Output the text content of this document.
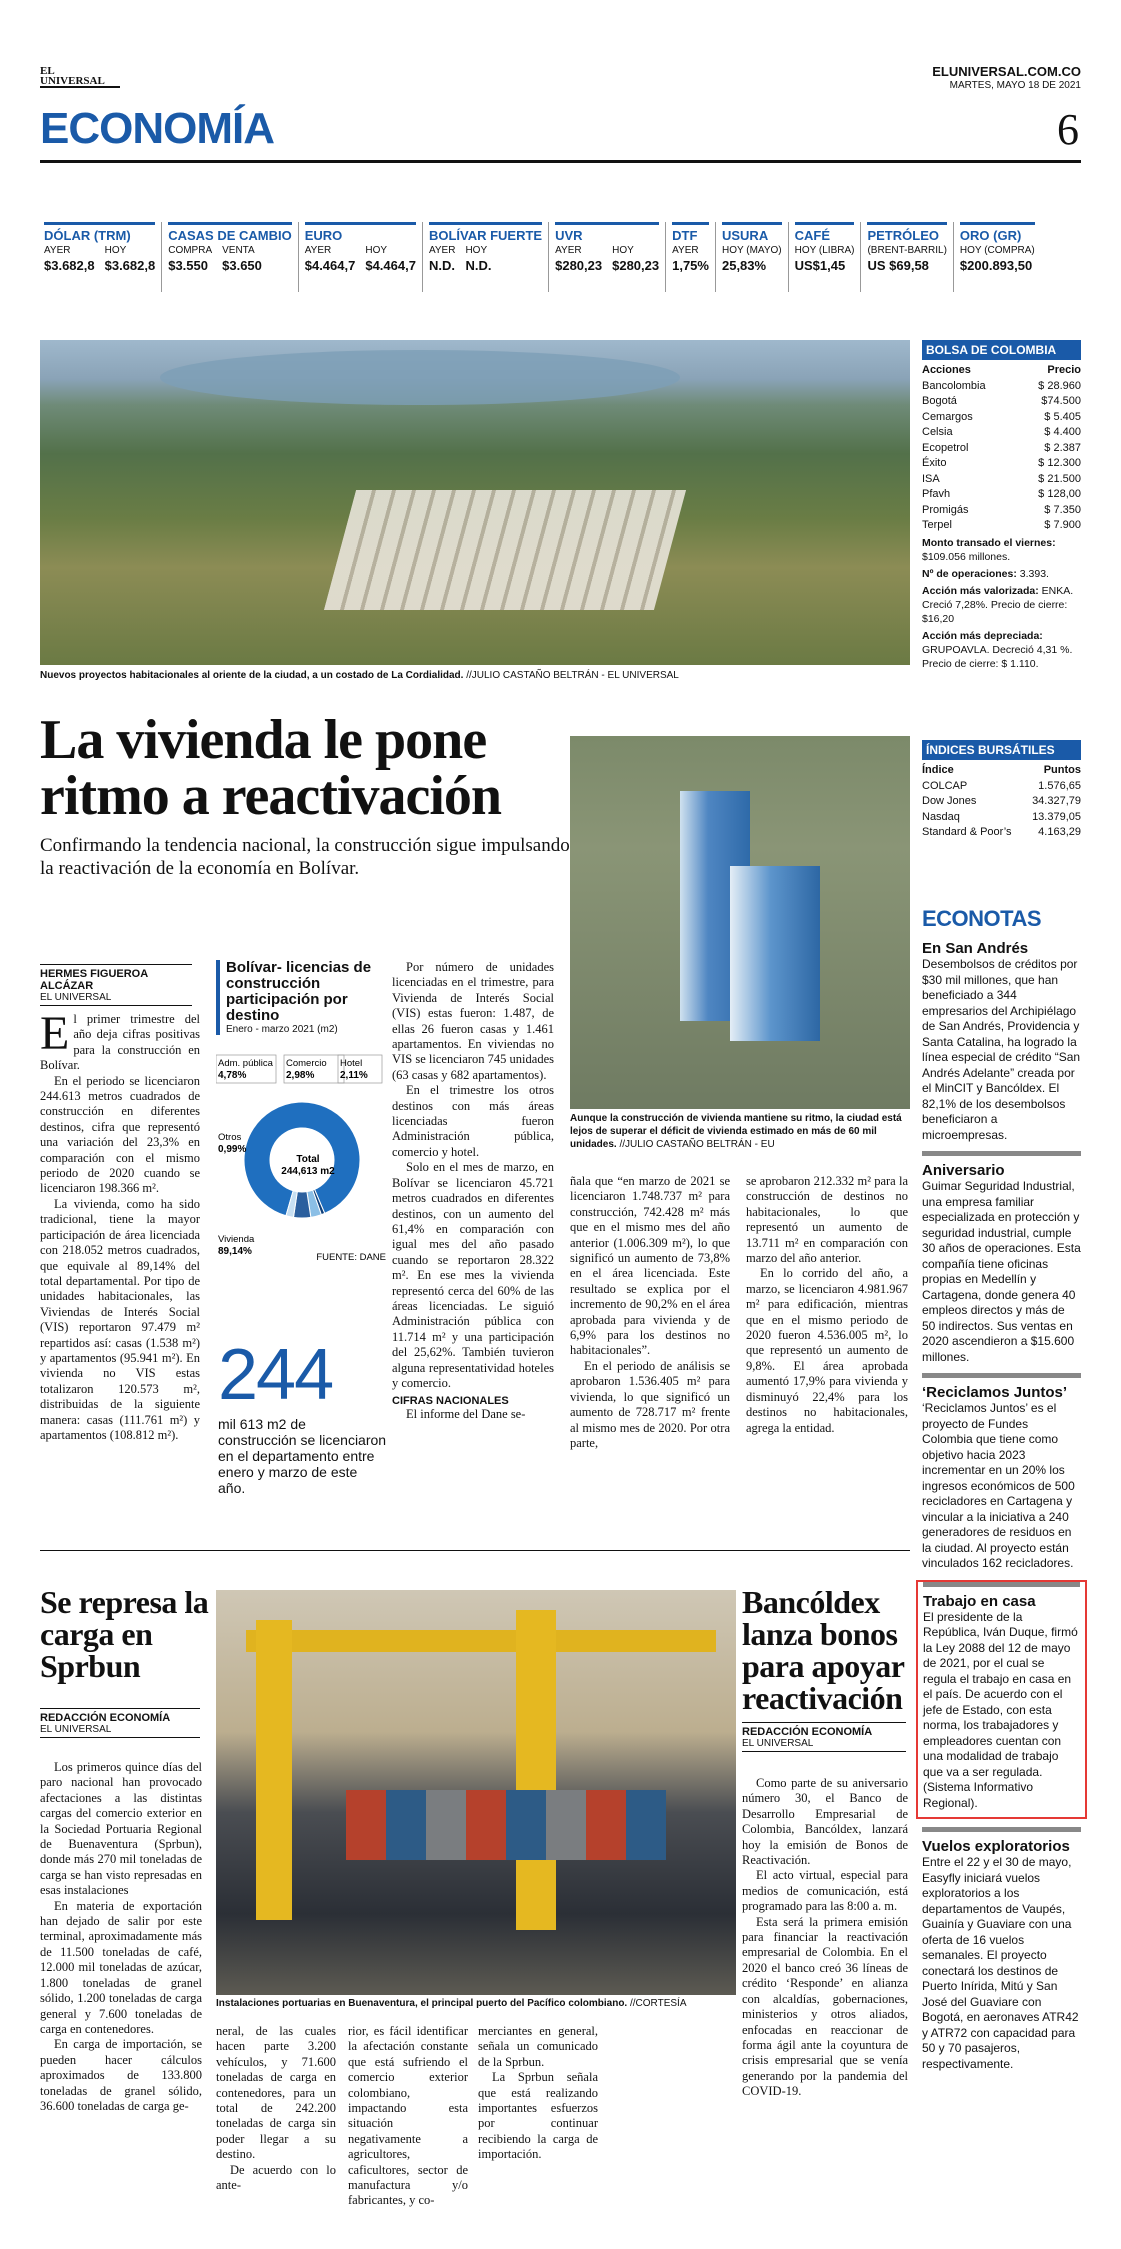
EL UNIVERSAL
ECONOMÍA
ELUNIVERSAL.COM.CO
MARTES, MAYO 18 DE 2021
6
DÓLAR (TRM)
AYER
$3.682,8
HOY
$3.682,8
CASAS DE CAMBIO
COMPRA
$3.550
VENTA
$3.650
EURO
AYER
$4.464,7
HOY
$4.464,7
BOLÍVAR FUERTE
AYER
N.D.
HOY
N.D.
UVR
AYER
$280,23
HOY
$280,23
DTF
AYER
1,75%
USURA
HOY (MAYO)
25,83%
CAFÉ
HOY (LIBRA)
US$1,45
PETRÓLEO
(BRENT-BARRIL)
US $69,58
ORO (GR)
HOY (COMPRA)
$200.893,50
Nuevos proyectos habitacionales al oriente de la ciudad, a un costado de La Cordialidad. //JULIO CASTAÑO BELTRÁN - EL UNIVERSAL
La vivienda le pone ritmo a reactivación
Confirmando la tendencia nacional, la construcción sigue impulsando la reactivación de la economía en Bolívar.
Aunque la construcción de vivienda mantiene su ritmo, la ciudad está lejos de superar el déficit de vivienda estimado en más de 60 mil unidades. //JULIO CASTAÑO BELTRÁN - EU
HERMES FIGUEROA ALCÁZAR
EL UNIVERSAL

El primer trimestre del año deja cifras positivas para la construcción en Bolívar.

En el periodo se licenciaron 244.613 metros cuadrados de construcción en diferentes destinos, cifra que representó una variación del 23,3% en comparación con el mismo periodo de 2020 cuando se licenciaron 198.366 m².

La vivienda, como ha sido tradicional, tiene la mayor participación de área licenciada con 218.052 metros cuadrados, que equivale al 89,14% del total departamental. Por tipo de unidades habitacionales, las Viviendas de Interés Social (VIS) reportaron 97.479 m² repartidos así: casas (1.538 m²) y apartamentos (95.941 m²). En vivienda no VIS estas totalizaron 120.573 m², distribuidas de la siguiente manera: casas (111.761 m²) y apartamentos (108.812 m²).

Bolívar- licencias de construcción participación por destino
Enero - marzo 2021 (m2)
Vivienda
89,14%
Otros
0,99%
Comercio
2,98%
Adm. pública
4,78%
Hotel
2,11%
Total
244,613 m2
FUENTE: DANE
244
mil 613 m2 de construcción se licenciaron en el departamento entre enero y marzo de este año.

Por número de unidades licenciadas en el trimestre, para Vivienda de Interés Social (VIS) estas fueron: 1.487, de ellas 26 fueron casas y 1.461 apartamentos. En viviendas no VIS se licenciaron 745 unidades (63 casas y 682 apartamentos).

En el trimestre los otros destinos con más áreas licenciadas fueron Administración pública, comercio y hotel.

Solo en el mes de marzo, en Bolívar se licenciaron 45.721 metros cuadrados en diferentes destinos, con un aumento del 61,4% en comparación con igual mes del año pasado cuando se reportaron 28.322 m². En ese mes la vivienda representó cerca del 60% de las áreas licenciadas. Le siguió Administración pública con 11.714 m² y una participación del 25,62%. También tuvieron alguna representatividad hoteles y comercio.

CIFRAS NACIONALES

El informe del Dane se-

ñala que “en marzo de 2021 se licenciaron 1.748.737 m² para construcción, 742.428 m² más que en el mismo mes del año anterior (1.006.309 m²), lo que significó un aumento de 73,8% en el área licenciada. Este resultado se explica por el incremento de 90,2% en el área aprobada para vivienda y de 6,9% para los destinos no habitacionales”.

En el periodo de análisis se aprobaron 1.536.405 m² para vivienda, lo que significó un aumento de 728.717 m² frente al mismo mes de 2020. Por otra parte,

se aprobaron 212.332 m² para la construcción de destinos no habitacionales, lo que representó un aumento de 13.711 m² en comparación con marzo del año anterior.

En lo corrido del año, a marzo, se licenciaron 4.981.967 m² para edificación, mientras que en el mismo periodo de 2020 fueron 4.536.005 m², lo que representó un aumento de 9,8%. El área aprobada aumentó 17,9% para vivienda y disminuyó 22,4% para los destinos no habitacionales, agrega la entidad.

Se represa la carga en Sprbun
REDACCIÓN ECONOMÍA
EL UNIVERSAL

Los primeros quince días del paro nacional han provocado afectaciones a las distintas cargas del comercio exterior en la Sociedad Portuaria Regional de Buenaventura (Sprbun), donde más 270 mil toneladas de carga se han visto represadas en esas instalaciones

En materia de exportación han dejado de salir por este terminal, aproximadamente más de 11.500 toneladas de café, 12.000 mil toneladas de azúcar, 1.800 toneladas de granel sólido, 1.200 toneladas de carga general y 7.600 toneladas de carga en contenedores.

En carga de importación, se pueden hacer cálculos aproximados de 133.800 toneladas de granel sólido, 36.600 toneladas de carga ge-

Instalaciones portuarias en Buenaventura, el principal puerto del Pacífico colombiano. //CORTESÍA

neral, de las cuales hacen parte 3.200 vehículos, y 71.600 toneladas de carga en contenedores, para un total de 242.200 toneladas de carga sin poder llegar a su destino.

De acuerdo con lo ante-

rior, es fácil identificar la afectación constante que está sufriendo el comercio exterior colombiano, impactando esta situación negativamente a agricultores, caficultores, sector de manufactura y/o fabricantes, y co-

merciantes en general, señala un comunicado de la Sprbun.

La Sprbun señala que está realizando importantes esfuerzos por continuar recibiendo la carga de importación.

Bancóldex lanza bonos para apoyar reactivación
REDACCIÓN ECONOMÍA
EL UNIVERSAL

Como parte de su aniversario número 30, el Banco de Desarrollo Empresarial de Colombia, Bancóldex, lanzará hoy la emisión de Bonos de Reactivación.

El acto virtual, especial para medios de comunicación, está programado para las 8:00 a. m.

Esta será la primera emisión para financiar la reactivación empresarial de Colombia. En el 2020 el banco creó 36 líneas de crédito ‘Responde’ en alianza con alcaldías, gobernaciones, ministerios y otros aliados, enfocadas en reaccionar de forma ágil ante la coyuntura de crisis empresarial que se venía generando por la pandemia del COVID-19.

BOLSA DE COLOMBIA
Acciones	Precio
Bancolombia	$ 28.960
Bogotá	$74.500
Cemargos	$ 5.405
Celsia	$ 4.400
Ecopetrol	$ 2.387
Éxito	$ 12.300
ISA	$ 21.500
Pfavh	$ 128,00
Promigás	$ 7.350
Terpel	$ 7.900
Monto transado el viernes: $109.056 millones.
Nº de operaciones: 3.393.
Acción más valorizada: ENKA. Creció 7,28%. Precio de cierre: $16,20
Acción más depreciada: GRUPOAVLA. Decreció 4,31 %. Precio de cierre: $ 1.110.
ÍNDICES BURSÁTILES
Índice	Puntos
COLCAP	1.576,65
Dow Jones	34.327,79
Nasdaq	13.379,05
Standard & Poor’s 4.163,29
ECONOTAS
En San Andrés
Desembolsos de créditos por $30 mil millones, que han beneficiado a 344 empresarios del Archipiélago de San Andrés, Providencia y Santa Catalina, ha logrado la línea especial de crédito “San Andrés Adelante” creada por el MinCIT y Bancóldex. El 82,1% de los desembolsos beneficiaron a microempresas.
Aniversario
Guimar Seguridad Industrial, una empresa familiar especializada en protección y seguridad industrial, cumple 30 años de operaciones. Esta compañía tiene oficinas propias en Medellín y Cartagena, donde genera 40 empleos directos y más de 50 indirectos. Sus ventas en 2020 ascendieron a $15.600 millones.
‘Reciclamos Juntos’
‘Reciclamos Juntos’ es el proyecto de Fundes Colombia que tiene como objetivo hacia 2023 incrementar en un 20% los ingresos económicos de 500 recicladores en Cartagena y vincular a la iniciativa a 240 generadores de residuos en la ciudad. Al proyecto están vinculados 162 recicladores.
Trabajo en casa
El presidente de la República, Iván Duque, firmó la Ley 2088 del 12 de mayo de 2021, por el cual se regula el trabajo en casa en el país. De acuerdo con el jefe de Estado, con esta norma, los trabajadores y empleadores cuentan con una modalidad de trabajo que va a ser regulada. (Sistema Informativo Regional).
Vuelos exploratorios
Entre el 22 y el 30 de mayo, Easyfly iniciará vuelos exploratorios a los departamentos de Vaupés, Guainía y Guaviare con una oferta de 16 vuelos semanales. El proyecto conectará los destinos de Puerto Inírida, Mitú y San José del Guaviare con Bogotá, en aeronaves ATR42 y ATR72 con capacidad para 50 y 70 pasajeros, respectivamente.
